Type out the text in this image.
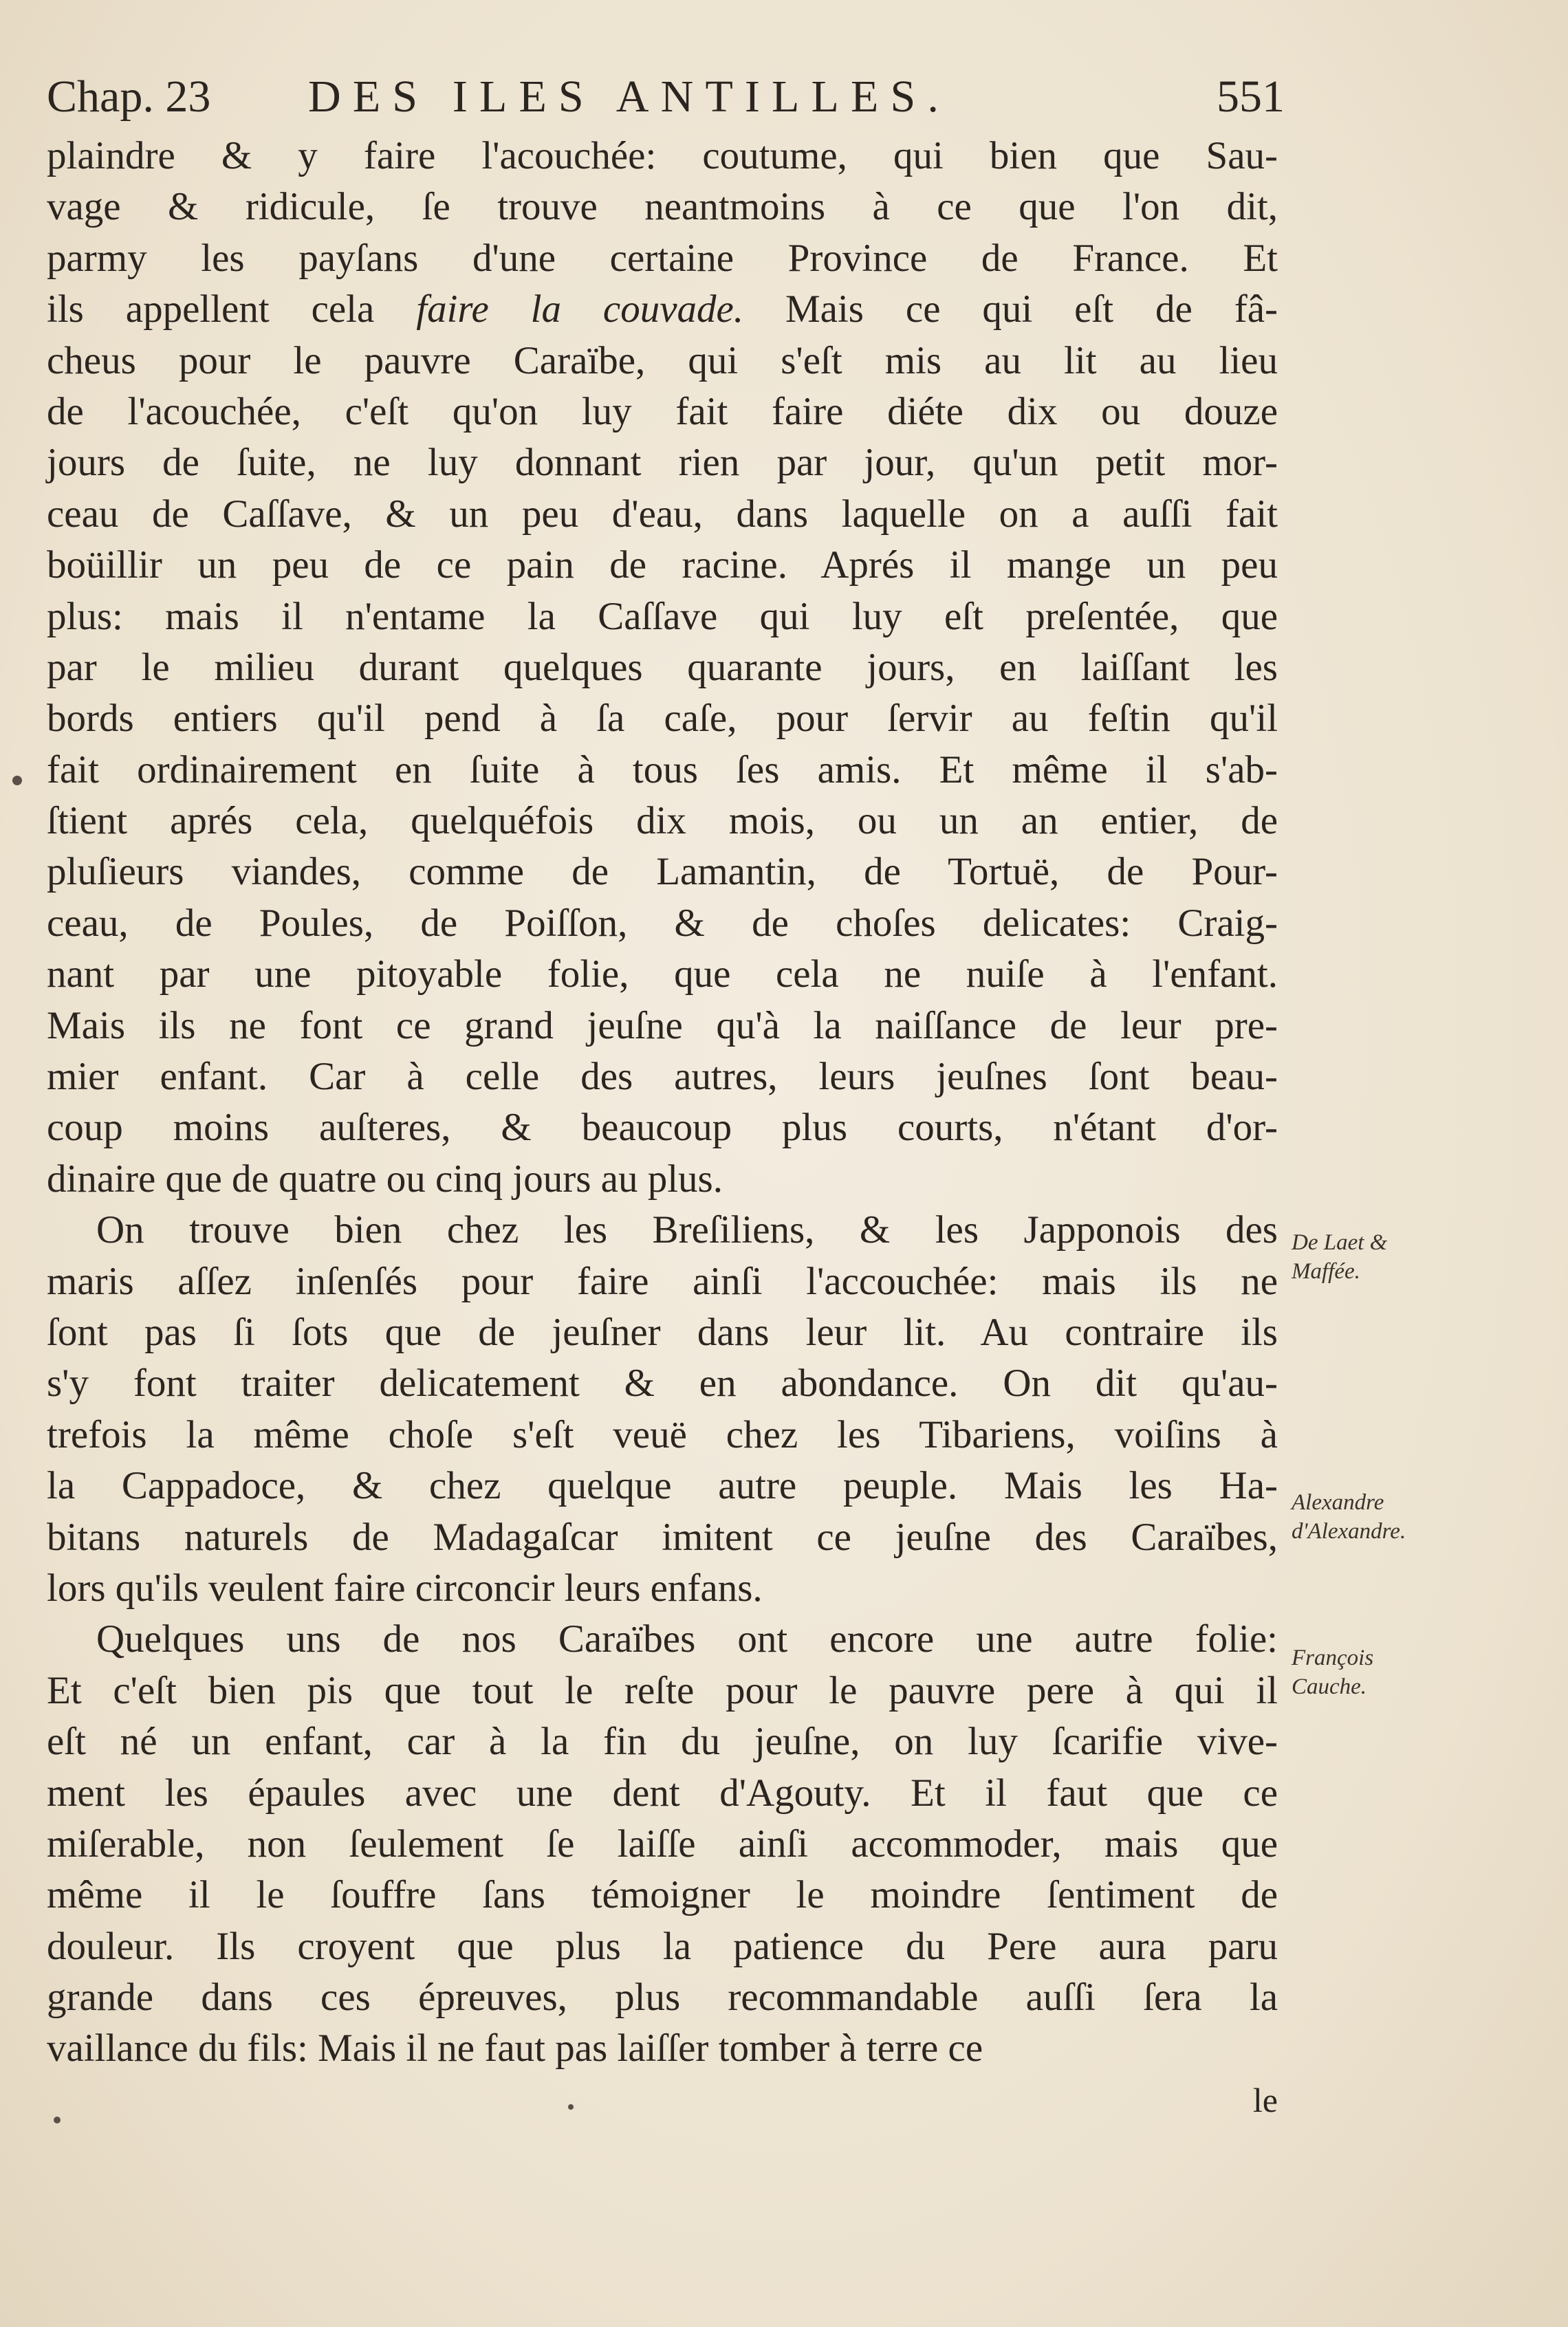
Chap. 23 DES ILES ANTILLES.	551
plaindre & y faire l'acouchée: coutume, qui bien que Sau-
vage & ridicule, ſe trouve neantmoins à ce que l'on dit,
parmy les payſans d'une certaine Province de France. Et
ils appellent cela faire la couvade. Mais ce qui eſt de fâ-
cheus pour le pauvre Caraïbe, qui s'eſt mis au lit au lieu
de l'acouchée, c'eſt qu'on luy fait faire diéte dix ou douze
jours de ſuite, ne luy donnant rien par jour, qu'un petit mor-
ceau de Caſſave, & un peu d'eau, dans laquelle on a auſſi fait
boüillir un peu de ce pain de racine. Aprés il mange un peu
plus: mais il n'entame la Caſſave qui luy eſt preſentée, que
par le milieu durant quelques quarante jours, en laiſſant les
bords entiers qu'il pend à ſa caſe, pour ſervir au feſtin qu'il
fait ordinairement en ſuite à tous ſes amis. Et même il s'ab-
ſtient aprés cela, quelquéfois dix mois, ou un an entier, de
pluſieurs viandes, comme de Lamantin, de Tortuë, de Pour-
ceau, de Poules, de Poiſſon, & de choſes delicates: Craig-
nant par une pitoyable folie, que cela ne nuiſe à l'enfant.
Mais ils ne font ce grand jeuſne qu'à la naiſſance de leur pre-
mier enfant. Car à celle des autres, leurs jeuſnes ſont beau-
coup moins auſteres, & beaucoup plus courts, n'étant d'or-
dinaire que de quatre ou cinq jours au plus.
On trouve bien chez les Breſiliens, & les Japponois des
maris aſſez inſenſés pour faire ainſi l'accouchée: mais ils ne
ſont pas ſi ſots que de jeuſner dans leur lit. Au contraire ils
s'y font traiter delicatement & en abondance. On dit qu'au-
trefois la même choſe s'eſt veuë chez les Tibariens, voiſins à
la Cappadoce, & chez quelque autre peuple. Mais les Ha-
bitans naturels de Madagaſcar imitent ce jeuſne des Caraïbes,
lors qu'ils veulent faire circoncir leurs enfans.
Quelques uns de nos Caraïbes ont encore une autre folie:
Et c'eſt bien pis que tout le reſte pour le pauvre pere à qui il
eſt né un enfant, car à la fin du jeuſne, on luy ſcarifie vive-
ment les épaules avec une dent d'Agouty. Et il faut que ce
miſerable, non ſeulement ſe laiſſe ainſi accommoder, mais que
même il le ſouffre ſans témoigner le moindre ſentiment de
douleur. Ils croyent que plus la patience du Pere aura paru
grande dans ces épreuves, plus recommandable auſſi ſera la
vaillance du fils: Mais il ne faut pas laiſſer tomber à terre ce
le
De Laet & Maffée.
Alexandre d'Alexandre.
François Cauche.
